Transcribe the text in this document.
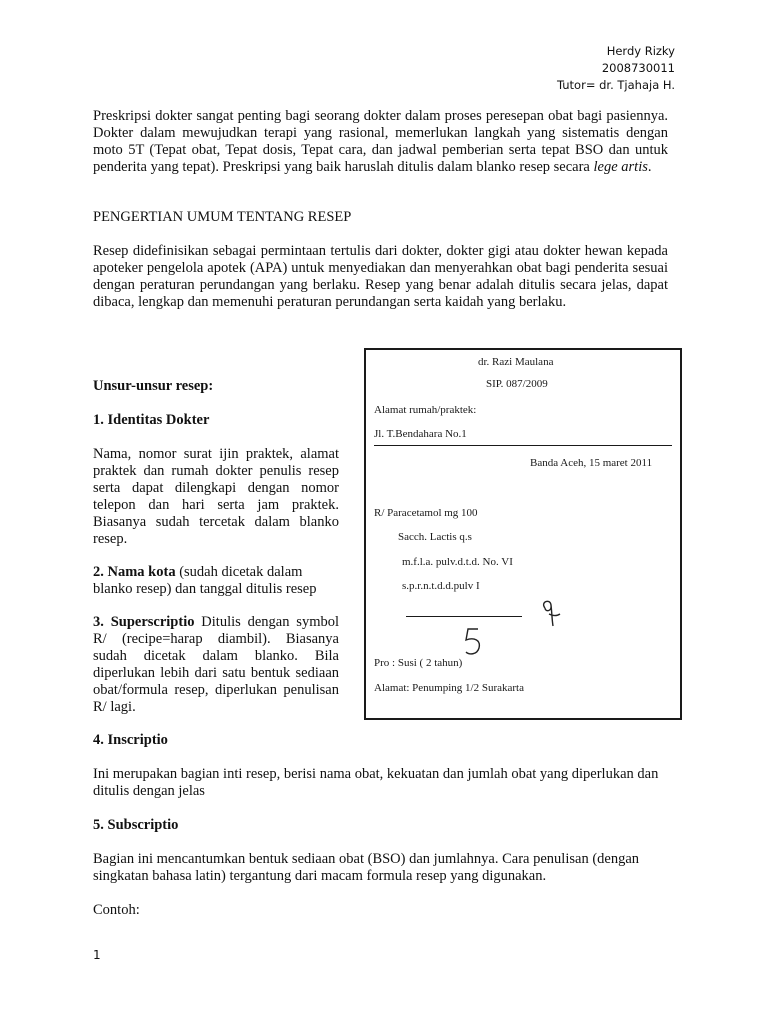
Herdy Rizky
2008730011
Tutor= dr. Tjahaja H.
Preskripsi dokter sangat penting bagi seorang dokter dalam proses peresepan obat bagi pasiennya. Dokter dalam mewujudkan terapi yang rasional, memerlukan langkah yang sistematis dengan moto 5T (Tepat obat, Tepat dosis, Tepat cara, dan jadwal pemberian serta tepat BSO dan untuk penderita yang tepat). Preskripsi yang baik haruslah ditulis dalam blanko resep secara lege artis.
PENGERTIAN UMUM TENTANG RESEP
Resep didefinisikan sebagai permintaan tertulis dari dokter, dokter gigi atau dokter hewan kepada apoteker pengelola apotek (APA) untuk menyediakan dan menyerahkan obat bagi penderita sesuai dengan peraturan perundangan yang berlaku. Resep yang benar adalah ditulis secara jelas, dapat dibaca, lengkap dan memenuhi peraturan perundangan serta kaidah yang berlaku.
Unsur-unsur resep:
1. Identitas Dokter
Nama, nomor surat ijin praktek, alamat praktek dan rumah dokter penulis resep serta dapat dilengkapi dengan nomor telepon dan hari serta jam praktek. Biasanya sudah tercetak dalam blanko resep.
2. Nama kota (sudah dicetak dalam blanko resep) dan tanggal ditulis resep
3. Superscriptio Ditulis dengan symbol R/ (recipe=harap diambil). Biasanya sudah dicetak dalam blanko. Bila diperlukan lebih dari satu bentuk sediaan obat/formula resep, diperlukan penulisan R/ lagi.
4. Inscriptio
Ini merupakan bagian inti resep, berisi nama obat, kekuatan dan jumlah obat yang diperlukan dan ditulis dengan jelas
5. Subscriptio
Bagian ini mencantumkan bentuk sediaan obat (BSO) dan jumlahnya. Cara penulisan (dengan singkatan bahasa latin) tergantung dari macam formula resep yang digunakan.
Contoh:
dr. Razi Maulana
SIP. 087/2009
Alamat rumah/praktek:
Jl. T.Bendahara No.1
Banda Aceh, 15 maret 2011
R/ Paracetamol mg 100
Sacch. Lactis q.s
m.f.l.a. pulv.d.t.d. No. VI
s.p.r.n.t.d.d.pulv I
Pro : Susi ( 2 tahun)
Alamat: Penumping 1/2 Surakarta
1
